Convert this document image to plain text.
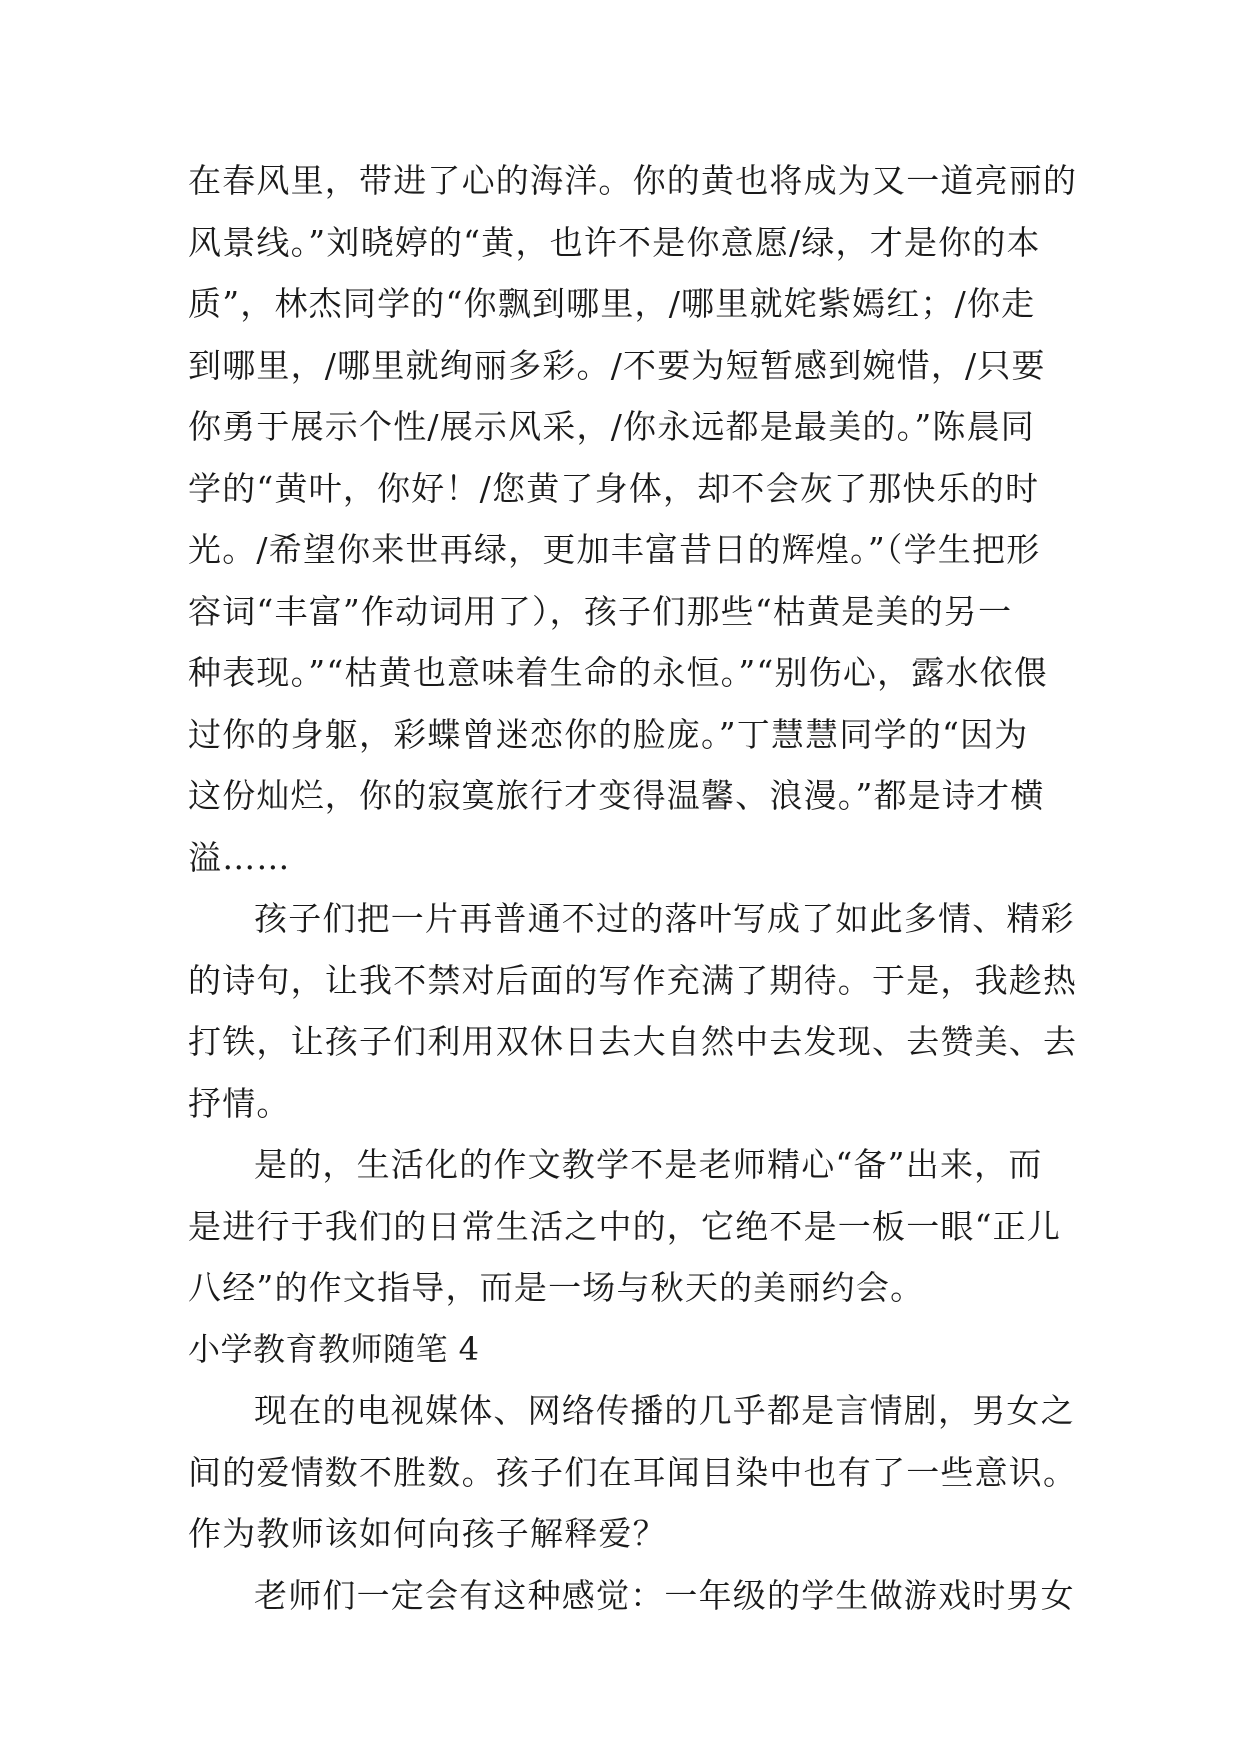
在春风里，带进了心的海洋。你的黄也将成为又一道亮丽的
风景线。”刘晓婷的“黄，也许不是你意愿/绿，才是你的本
质”，林杰同学的“你飘到哪里，/哪里就姹紫嫣红；/你走
到哪里，/哪里就绚丽多彩。/不要为短暂感到婉惜，/只要
你勇于展示个性/展示风采，/你永远都是最美的。”陈晨同
学的“黄叶，你好！/您黄了身体，却不会灰了那快乐的时
光。/希望你来世再绿，更加丰富昔日的辉煌。”（学生把形
容词“丰富”作动词用了），孩子们那些“枯黄是美的另一
种表现。”“枯黄也意味着生命的永恒。”“别伤心，露水依偎
过你的身躯，彩蝶曾迷恋你的脸庞。”丁慧慧同学的“因为
这份灿烂，你的寂寞旅行才变得温馨、浪漫。”都是诗才横
溢……
孩子们把一片再普通不过的落叶写成了如此多情、精彩
的诗句，让我不禁对后面的写作充满了期待。于是，我趁热
打铁，让孩子们利用双休日去大自然中去发现、去赞美、去
抒情。
是的，生活化的作文教学不是老师精心“备”出来，而
是进行于我们的日常生活之中的，它绝不是一板一眼“正儿
八经”的作文指导，而是一场与秋天的美丽约会。
小学教育教师随笔 4
现在的电视媒体、网络传播的几乎都是言情剧，男女之
间的爱情数不胜数。孩子们在耳闻目染中也有了一些意识。
作为教师该如何向孩子解释爱？
老师们一定会有这种感觉：一年级的学生做游戏时男女
